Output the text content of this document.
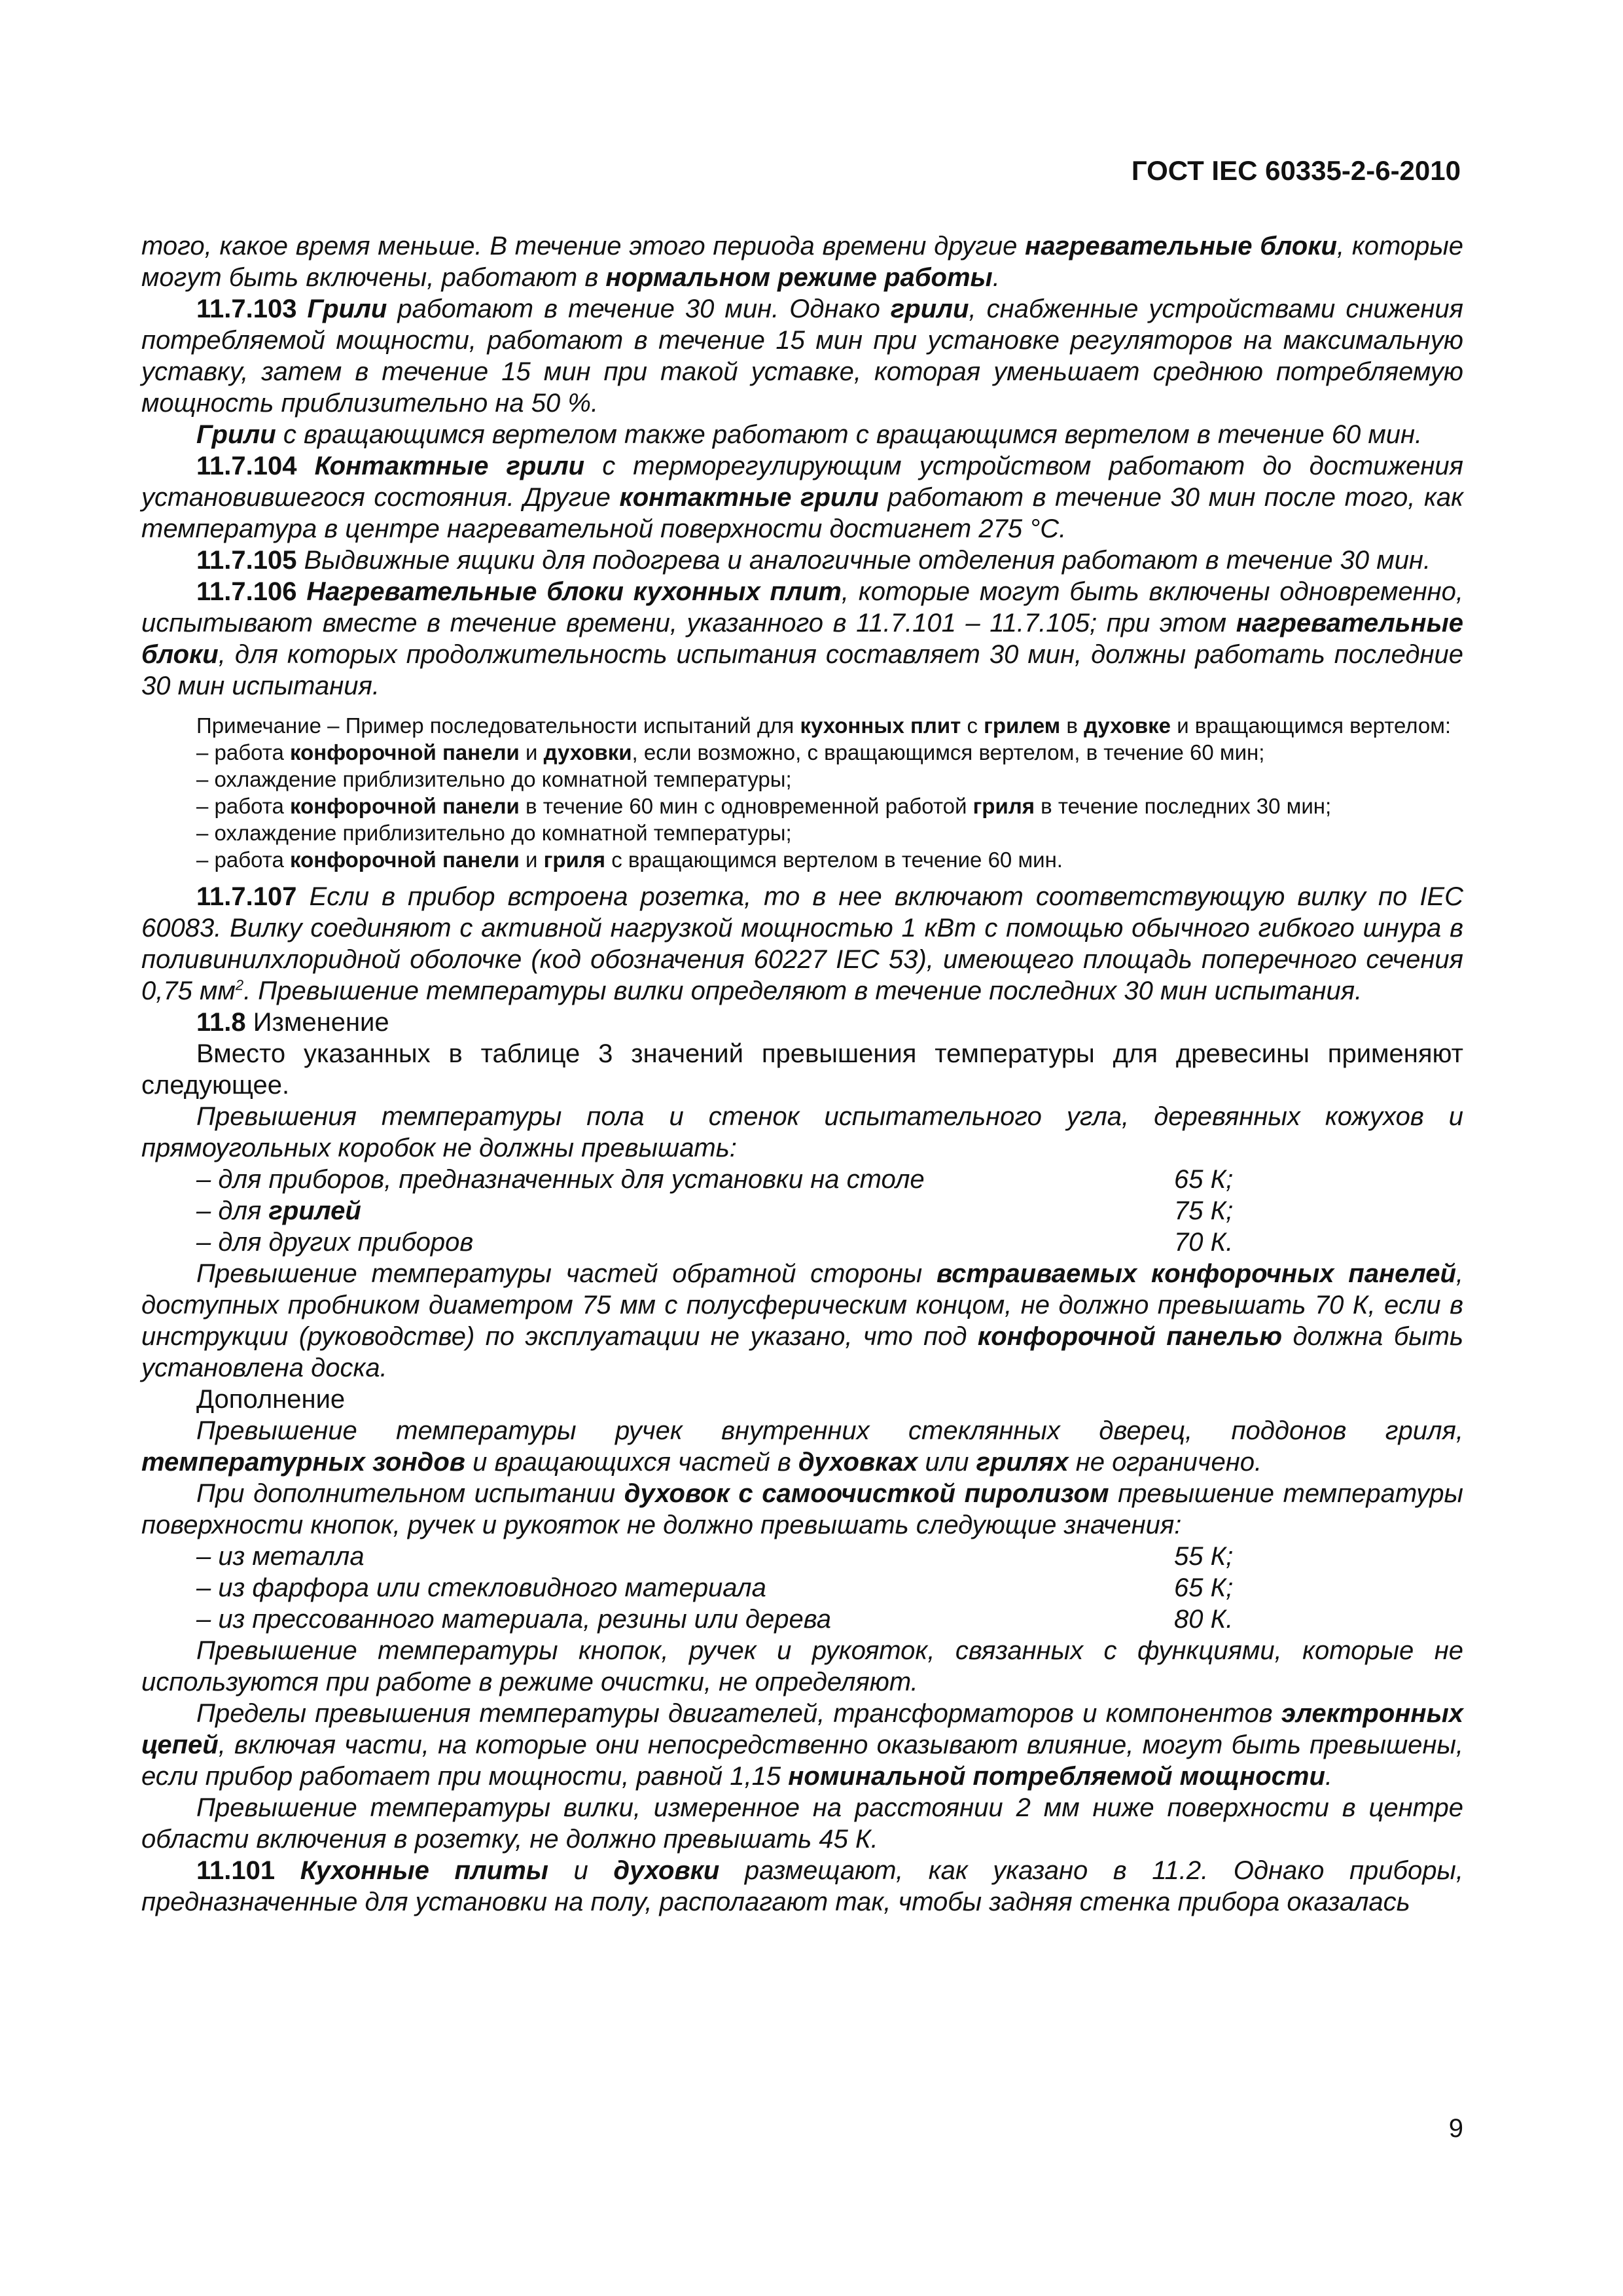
ГОСТ IEC 60335-2-6-2010

того, какое время меньше. В течение этого периода времени другие нагревательные блоки, которые могут быть включены, работают в нормальном режиме работы.

11.7.103 Грили работают в течение 30 мин. Однако грили, снабженные устройствами снижения потребляемой мощности, работают в течение 15 мин при установке регуляторов на максимальную уставку, затем в течение 15 мин при такой уставке, которая уменьшает среднюю потребляемую мощность приблизительно на 50 %.

Грили с вращающимся вертелом также работают с вращающимся вертелом в течение 60 мин.

11.7.104 Контактные грили с терморегулирующим устройством работают до достижения установившегося состояния. Другие контактные грили работают в течение 30 мин после того, как температура в центре нагревательной поверхности достигнет 275 °С.

11.7.105 Выдвижные ящики для подогрева и аналогичные отделения работают в течение 30 мин.

11.7.106 Нагревательные блоки кухонных плит, которые могут быть включены одновременно, испытывают вместе в течение времени, указанного в 11.7.101 – 11.7.105; при этом нагревательные блоки, для которых продолжительность испытания составляет 30 мин, должны работать последние 30 мин испытания.

Примечание – Пример последовательности испытаний для кухонных плит с грилем в духовке и вращающимся вертелом:

– работа конфорочной панели и духовки, если возможно, с вращающимся вертелом, в течение 60 мин;

– охлаждение приблизительно до комнатной температуры;

– работа конфорочной панели в течение 60 мин с одновременной работой гриля в течение последних 30 мин;

– охлаждение приблизительно до комнатной температуры;

– работа конфорочной панели и гриля с вращающимся вертелом в течение 60 мин.

11.7.107 Если в прибор встроена розетка, то в нее включают соответствующую вилку по IEC 60083. Вилку соединяют с активной нагрузкой мощностью 1 кВт с помощью обычного гибкого шнура в поливинилхлоридной оболочке (код обозначения 60227 IEC 53), имеющего площадь поперечного сечения 0,75 $мм^2$. Превышение температуры вилки определяют в течение последних 30 мин испытания.

11.8 Изменение

Вместо указанных в таблице 3 значений превышения температуры для древесины применяют следующее.

Превышения температуры пола и стенок испытательного угла, деревянных кожухов и прямоугольных коробок не должны превышать:

– для приборов, предназначенных для установки на столе	65 К;
– для грилей	75 К;
– для других приборов	70 К.

Превышение температуры частей обратной стороны встраиваемых конфорочных панелей, доступных пробником диаметром 75 мм с полусферическим концом, не должно превышать 70 К, если в инструкции (руководстве) по эксплуатации не указано, что под конфорочной панелью должна быть установлена доска.

Дополнение

Превышение температуры ручек внутренних стеклянных дверец, поддонов гриля, температурных зондов и вращающихся частей в духовках или грилях не ограничено.

При дополнительном испытании духовок с самоочисткой пиролизом превышение температуры поверхности кнопок, ручек и рукояток не должно превышать следующие значения:

– из металла	55 К;
– из фарфора или стекловидного материала	65 К;
– из прессованного материала, резины или дерева	80 К.

Превышение температуры кнопок, ручек и рукояток, связанных с функциями, которые не используются при работе в режиме очистки, не определяют.

Пределы превышения температуры двигателей, трансформаторов и компонентов электронных цепей, включая части, на которые они непосредственно оказывают влияние, могут быть превышены, если прибор работает при мощности, равной 1,15 номинальной потребляемой мощности.

Превышение температуры вилки, измеренное на расстоянии 2 мм ниже поверхности в центре области включения в розетку, не должно превышать 45 К.

11.101 Кухонные плиты и духовки размещают, как указано в 11.2. Однако приборы, предназначенные для установки на полу, располагают так, чтобы задняя стенка прибора оказалась

9
